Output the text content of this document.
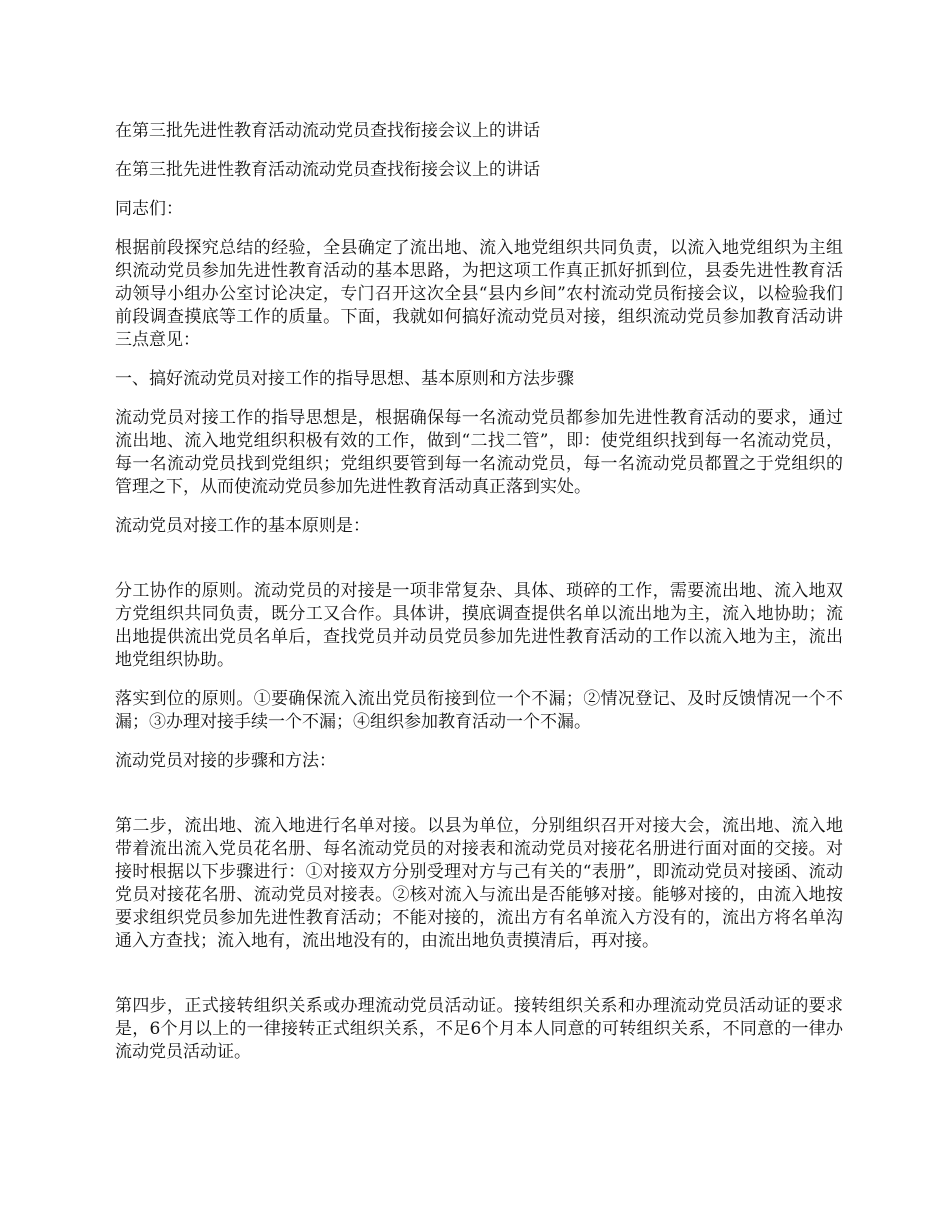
在第三批先进性教育活动流动党员查找衔接会议上的讲话

在第三批先进性教育活动流动党员查找衔接会议上的讲话

同志们：

根据前段探究总结的经验，全县确定了流出地、流入地党组织共同负责，以流入地党组织为主组织流动党员参加先进性教育活动的基本思路，为把这项工作真正抓好抓到位，县委先进性教育活动领导小组办公室讨论决定，专门召开这次全县“县内乡间”农村流动党员衔接会议，以检验我们前段调查摸底等工作的质量。下面，我就如何搞好流动党员对接，组织流动党员参加教育活动讲三点意见：

一、搞好流动党员对接工作的指导思想、基本原则和方法步骤

流动党员对接工作的指导思想是，根据确保每一名流动党员都参加先进性教育活动的要求，通过流出地、流入地党组织积极有效的工作，做到“二找二管”，即：使党组织找到每一名流动党员，每一名流动党员找到党组织；党组织要管到每一名流动党员，每一名流动党员都置之于党组织的管理之下，从而使流动党员参加先进性教育活动真正落到实处。

流动党员对接工作的基本原则是：

分工协作的原则。流动党员的对接是一项非常复杂、具体、琐碎的工作，需要流出地、流入地双方党组织共同负责，既分工又合作。具体讲，摸底调查提供名单以流出地为主，流入地协助；流出地提供流出党员名单后，查找党员并动员党员参加先进性教育活动的工作以流入地为主，流出地党组织协助。

落实到位的原则。①要确保流入流出党员衔接到位一个不漏；②情况登记、及时反馈情况一个不漏；③办理对接手续一个不漏；④组织参加教育活动一个不漏。

流动党员对接的步骤和方法：

第二步，流出地、流入地进行名单对接。以县为单位，分别组织召开对接大会，流出地、流入地带着流出流入党员花名册、每名流动党员的对接表和流动党员对接花名册进行面对面的交接。对接时根据以下步骤进行：①对接双方分别受理对方与己有关的“表册”，即流动党员对接函、流动党员对接花名册、流动党员对接表。②核对流入与流出是否能够对接。能够对接的，由流入地按要求组织党员参加先进性教育活动；不能对接的，流出方有名单流入方没有的，流出方将名单沟通入方查找；流入地有，流出地没有的，由流出地负责摸清后，再对接。

第四步，正式接转组织关系或办理流动党员活动证。接转组织关系和办理流动党员活动证的要求是，6个月以上的一律接转正式组织关系，不足6个月本人同意的可转组织关系，不同意的一律办流动党员活动证。
